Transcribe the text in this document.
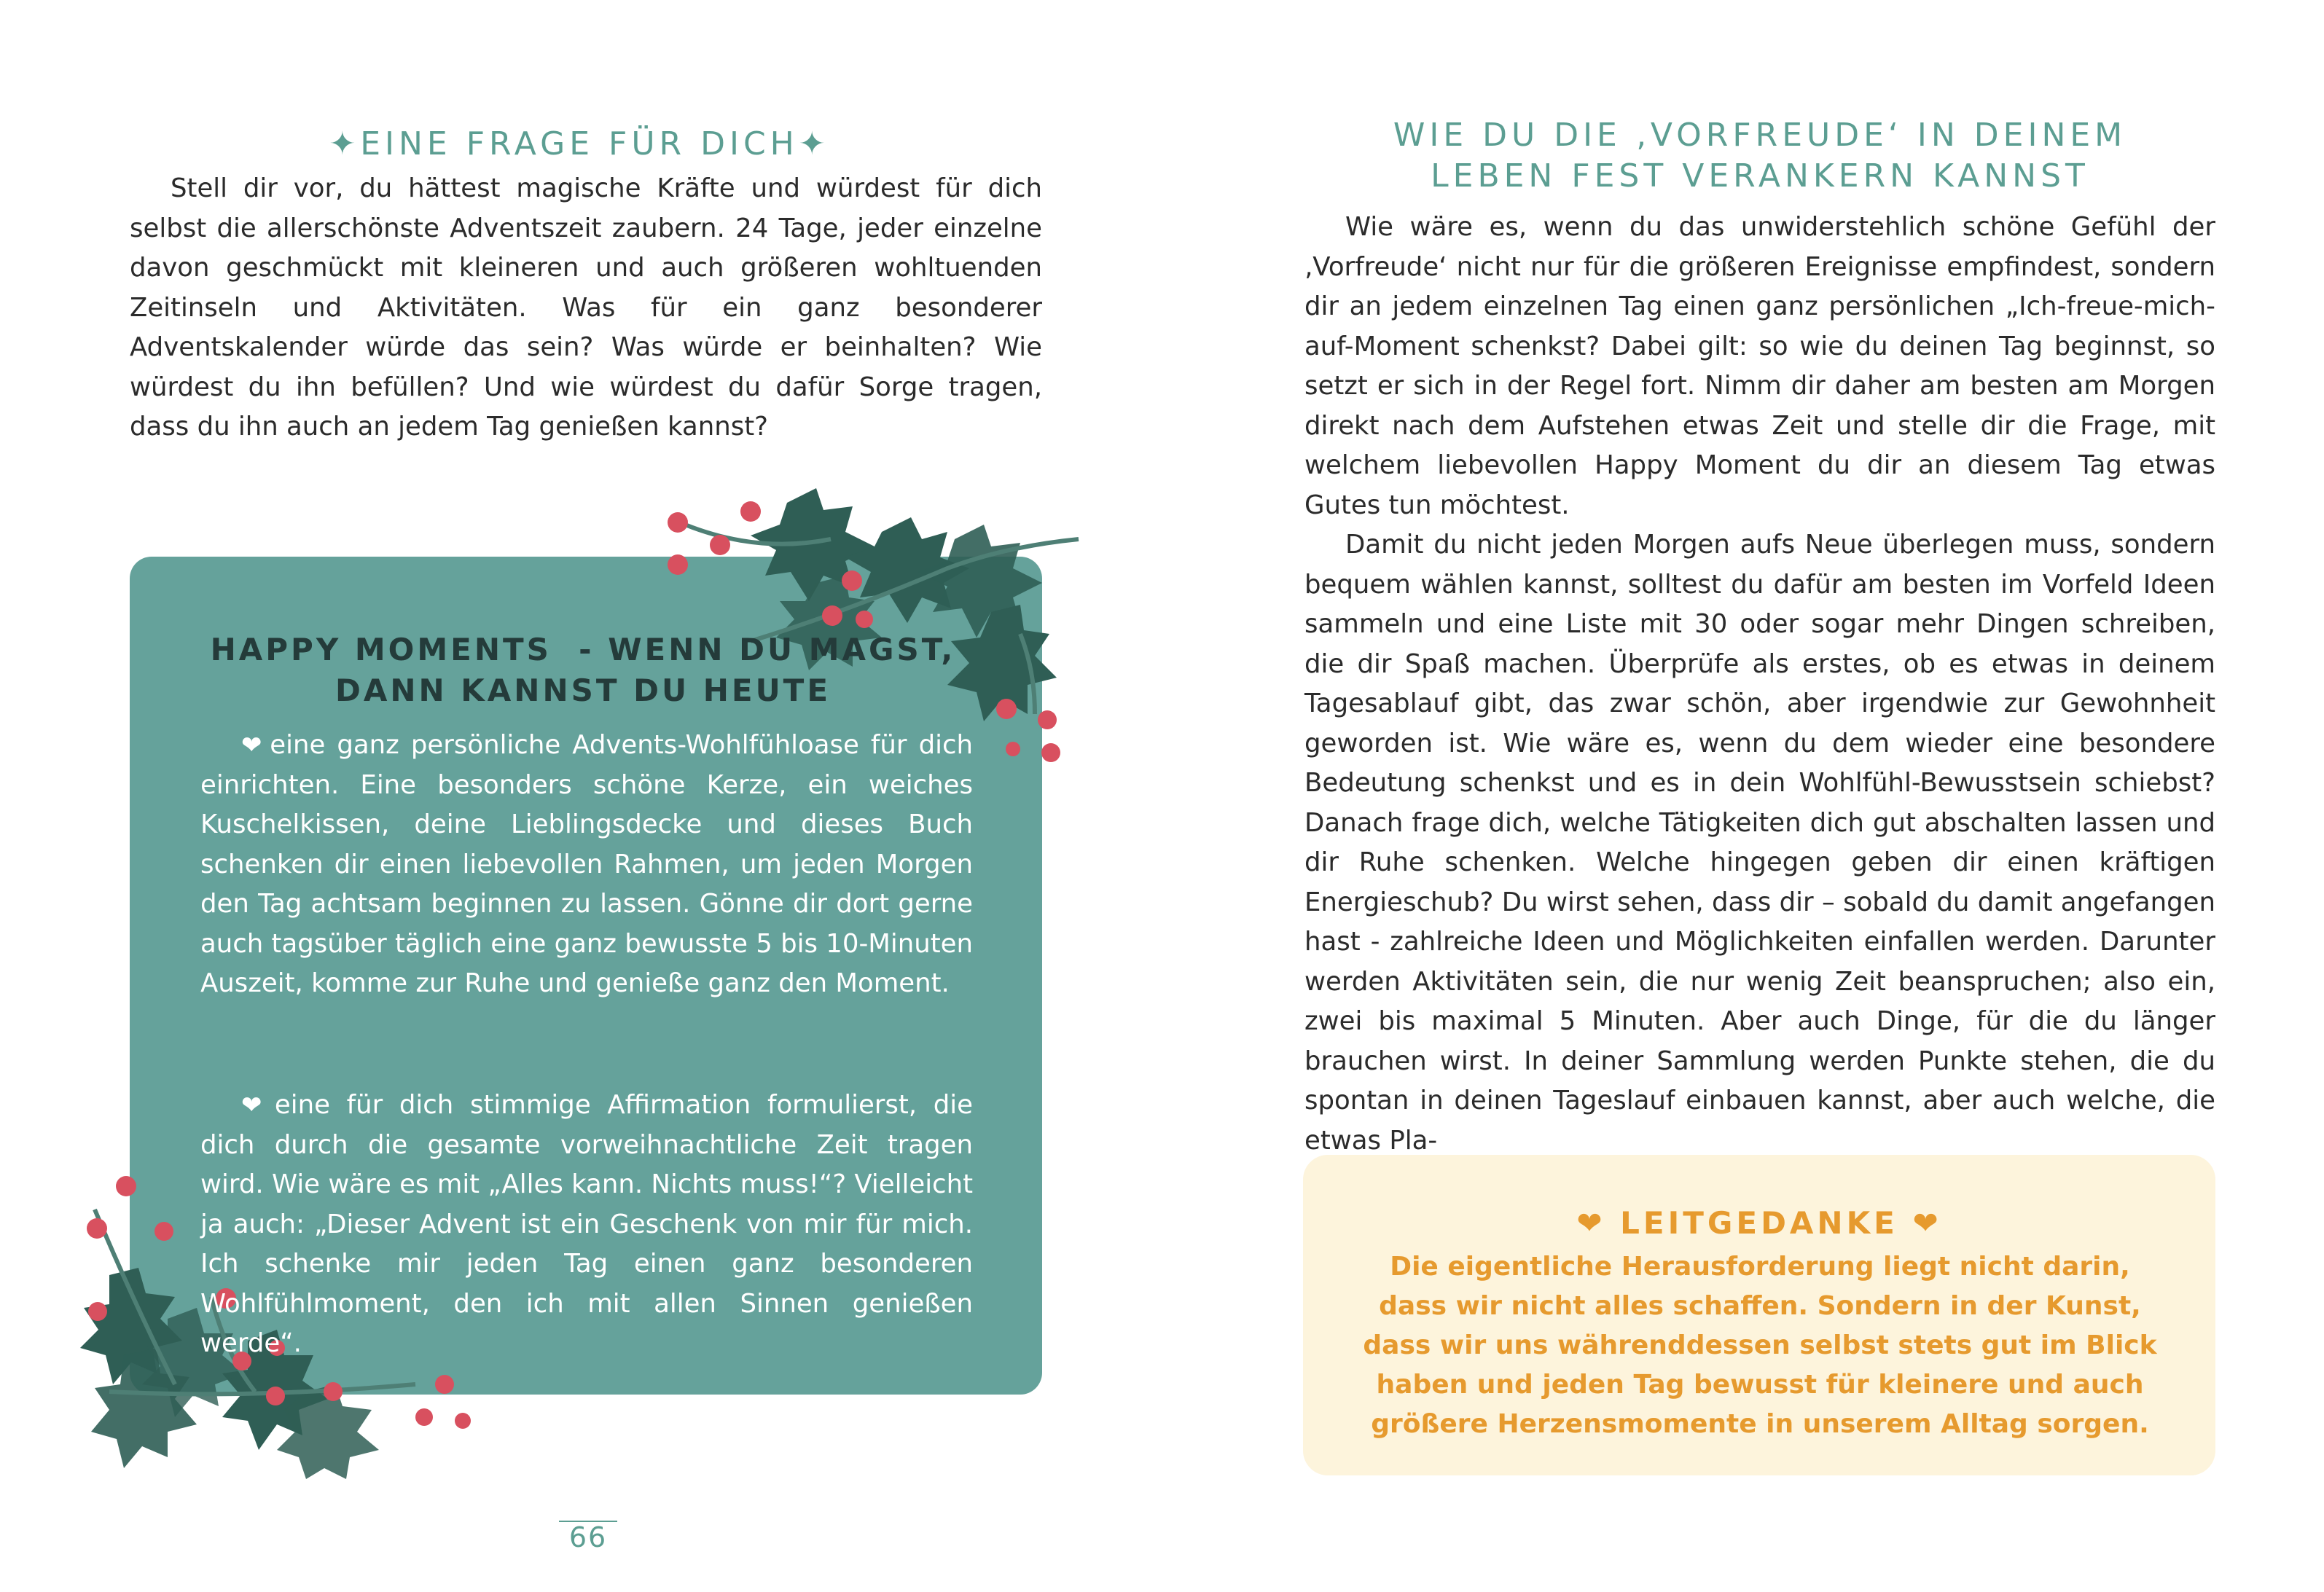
✦EINE FRAGE FÜR DICH✦

Stell dir vor, du hättest magische Kräfte und würdest für dich selbst die allerschönste Adventszeit zaubern. 24 Tage, jeder einzelne davon geschmückt mit kleineren und auch größeren wohltuenden Zeitinseln und Aktivitäten. Was für ein ganz besonderer Adventskalender würde das sein? Was würde er beinhalten? Wie würdest du ihn befüllen? Und wie würdest du dafür Sorge tragen, dass du ihn auch an jedem Tag genießen kannst?

HAPPY MOMENTS  - WENN DU MAGST,
DANN KANNST DU HEUTE

❤ eine ganz persönliche Advents-Wohlfühloase für dich einrichten. Eine besonders schöne Kerze, ein weiches Kuschelkissen, deine Lieblingsdecke und dieses Buch schenken dir einen liebevollen Rahmen, um jeden Morgen den Tag achtsam beginnen zu lassen. Gönne dir dort gerne auch tagsüber täglich eine ganz bewusste 5 bis 10-Minuten Auszeit, komme zur Ruhe und genieße ganz den Moment.

❤ eine für dich stimmige Affirmation formulierst, die dich durch die gesamte vorweihnachtliche Zeit tragen wird. Wie wäre es mit „Alles kann. Nichts muss!“? Vielleicht ja auch: „Dieser Advent ist ein Geschenk von mir für mich. Ich schenke mir jeden Tag einen ganz besonderen Wohlfühlmoment, den ich mit allen Sinnen genießen werde“.

66
WIE DU DIE ‚VORFREUDE‘ IN DEINEM
LEBEN FEST VERANKERN KANNST

Wie wäre es, wenn du das unwiderstehlich schöne Gefühl der ‚Vorfreude‘ nicht nur für die größeren Ereignisse empfindest, sondern dir an jedem einzelnen Tag einen ganz persönlichen „Ich-freue-mich-auf-Moment schenkst? Dabei gilt: so wie du deinen Tag beginnst, so setzt er sich in der Regel fort. Nimm dir daher am besten am Morgen direkt nach dem Aufstehen etwas Zeit und stelle dir die Frage, mit welchem liebevollen Happy Moment du dir an diesem Tag etwas Gutes tun möchtest.

Damit du nicht jeden Morgen aufs Neue überlegen muss, sondern bequem wählen kannst, solltest du dafür am besten im Vorfeld Ideen sammeln und eine Liste mit 30 oder sogar mehr Dingen schreiben, die dir Spaß machen. Überprüfe als erstes, ob es etwas in deinem Tagesablauf gibt, das zwar schön, aber irgendwie zur Gewohnheit geworden ist. Wie wäre es, wenn du dem wieder eine besondere Bedeutung schenkst und es in dein Wohlfühl-Bewusstsein schiebst? Danach frage dich, welche Tätigkeiten dich gut abschalten lassen und dir Ruhe schenken. Welche hingegen geben dir einen kräftigen Energieschub? Du wirst sehen, dass dir – sobald du damit angefangen hast - zahlreiche Ideen und Möglichkeiten einfallen werden. Darunter werden Aktivitäten sein, die nur wenig Zeit beanspruchen; also ein, zwei bis maximal 5 Minuten. Aber auch Dinge, für die du länger brauchen wirst. In deiner Sammlung werden Punkte stehen, die du spontan in deinen Tageslauf einbauen kannst, aber auch welche, die etwas Pla-

❤ LEITGEDANKE ❤

Die eigentliche Herausforderung liegt nicht darin, dass wir nicht alles schaffen. Sondern in der Kunst, dass wir uns währenddessen selbst stets gut im Blick haben und jeden Tag bewusst für kleinere und auch größere Herzensmomente in unserem Alltag sorgen.
